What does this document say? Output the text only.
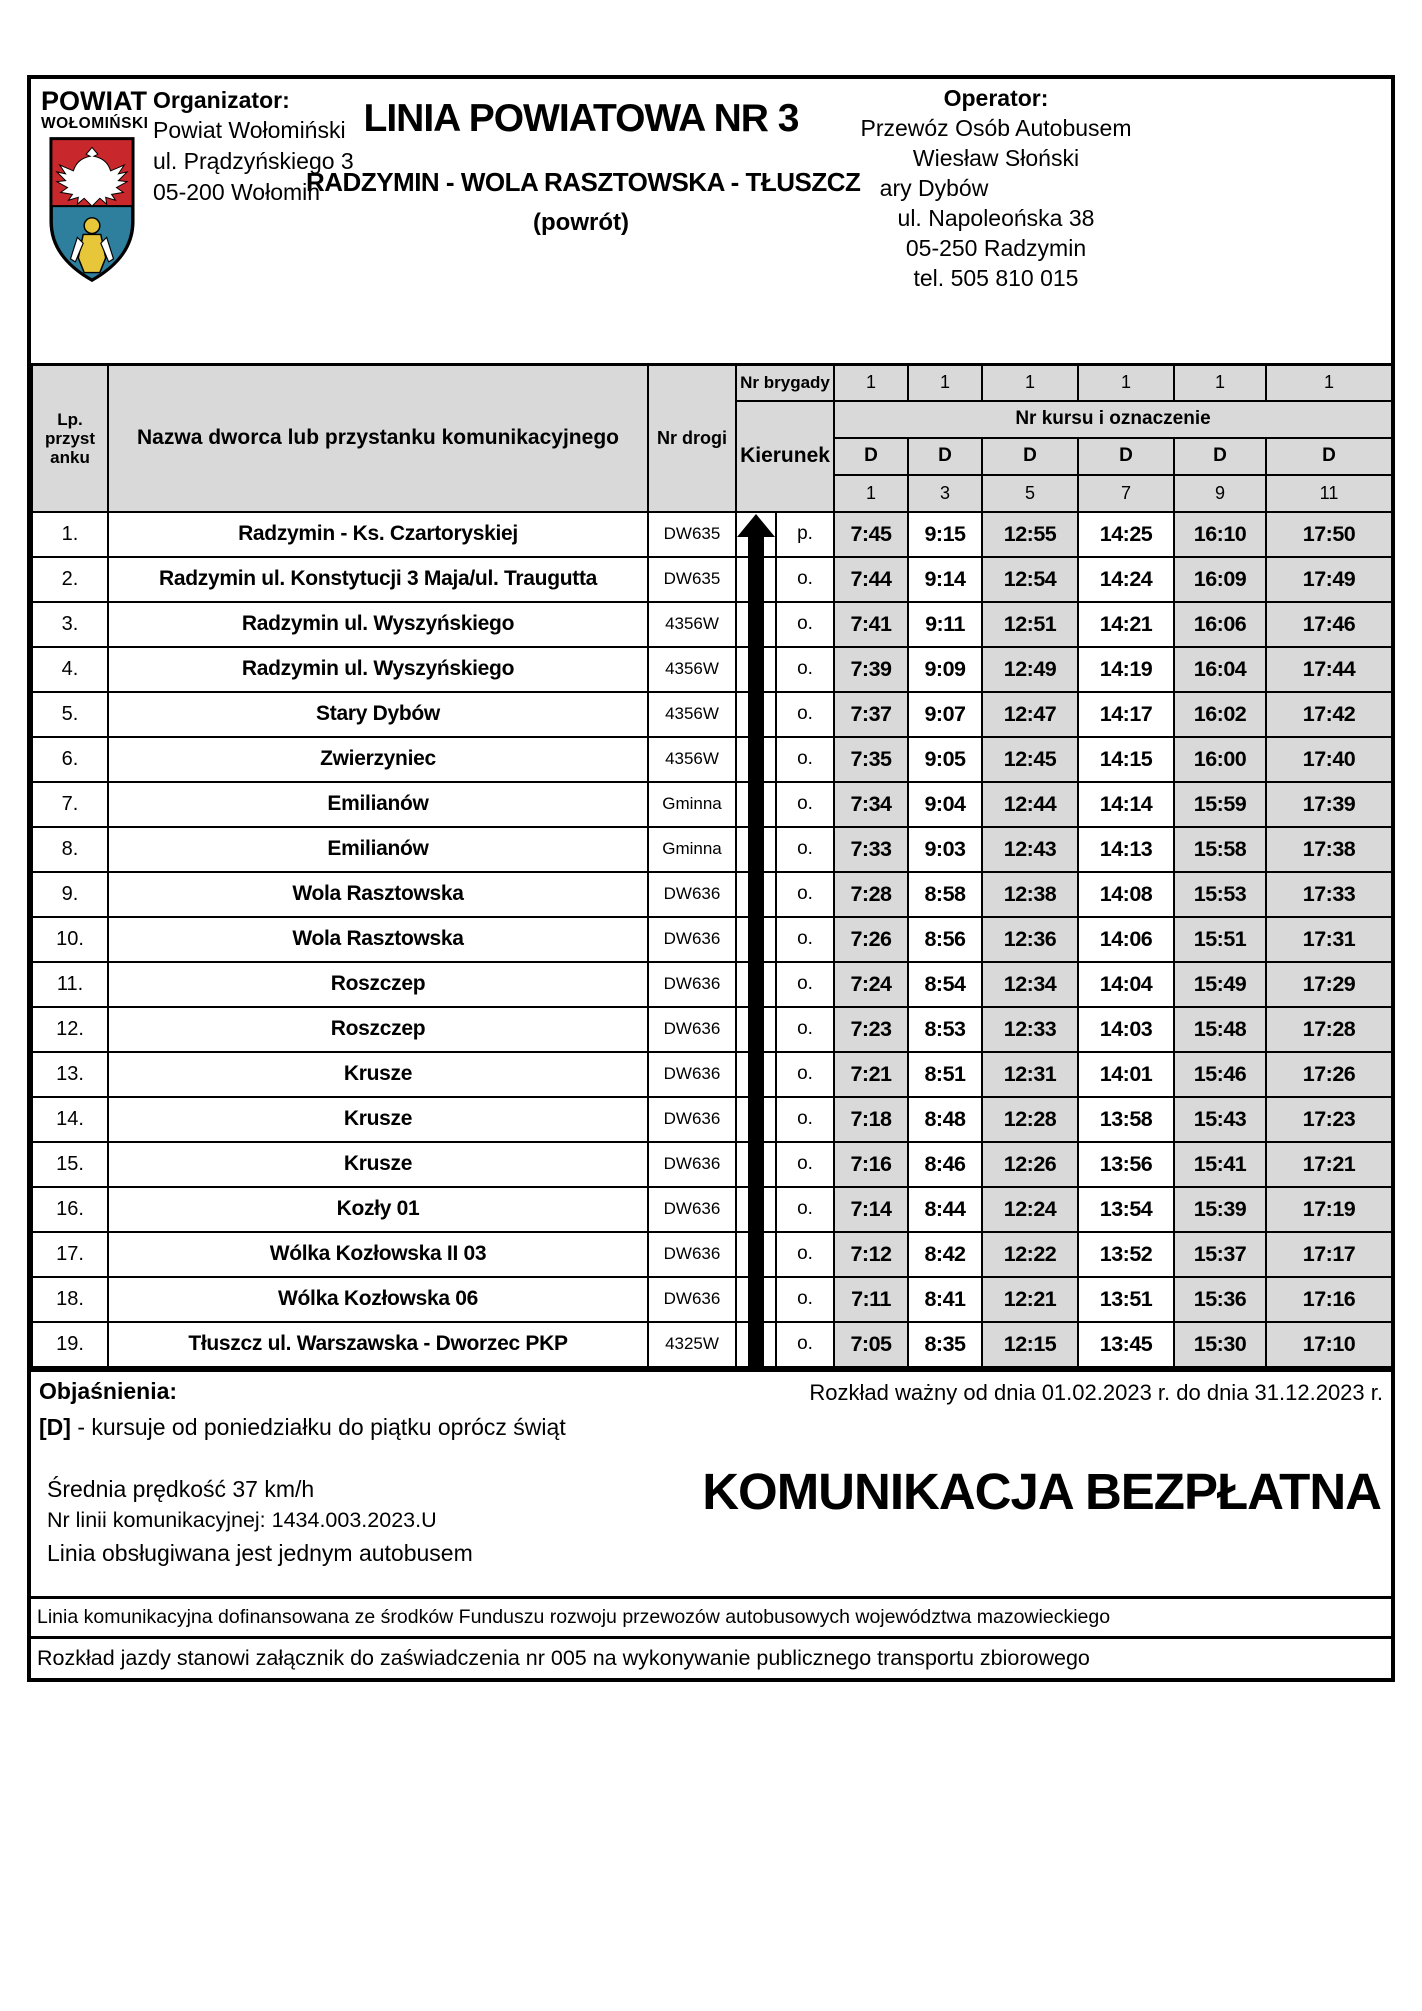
POWIAT
WOŁOMIŃSKI
Organizator:
Powiat Wołomiński
ul. Prądzyńskiego 3
05-200 Wołomin
LINIA POWIATOWA NR 3
RADZYMIN - WOLA RASZTOWSKA - TŁUSZCZ
(powrót)
Operator:
Przewóz Osób Autobusem
Wiesław Słoński
ary Dybów
ul. Napoleońska 38
05-250 Radzymin
tel. 505 810 015
Lp. przyst anku	Nazwa dworca lub przystanku komunikacyjnego	Nr drogi	Nr brygady		1	1	1	1	1	1
			Kierunek		Nr kursu i oznaczenie					
					D	D	D	D	D	D
					1	3	5	7	9	11
1.	Radzymin - Ks. Czartoryskiej	DW635		p.	7:45	9:15	12:55	14:25	16:10	17:50
2.	Radzymin ul. Konstytucji 3 Maja/ul. Traugutta	DW635		o.	7:44	9:14	12:54	14:24	16:09	17:49
3.	Radzymin ul. Wyszyńskiego	4356W		o.	7:41	9:11	12:51	14:21	16:06	17:46
4.	Radzymin ul. Wyszyńskiego	4356W		o.	7:39	9:09	12:49	14:19	16:04	17:44
5.	Stary Dybów	4356W		o.	7:37	9:07	12:47	14:17	16:02	17:42
6.	Zwierzyniec	4356W		o.	7:35	9:05	12:45	14:15	16:00	17:40
7.	Emilianów	Gminna		o.	7:34	9:04	12:44	14:14	15:59	17:39
8.	Emilianów	Gminna		o.	7:33	9:03	12:43	14:13	15:58	17:38
9.	Wola Rasztowska	DW636		o.	7:28	8:58	12:38	14:08	15:53	17:33
10.	Wola Rasztowska	DW636		o.	7:26	8:56	12:36	14:06	15:51	17:31
11.	Roszczep	DW636		o.	7:24	8:54	12:34	14:04	15:49	17:29
12.	Roszczep	DW636		o.	7:23	8:53	12:33	14:03	15:48	17:28
13.	Krusze	DW636		o.	7:21	8:51	12:31	14:01	15:46	17:26
14.	Krusze	DW636		o.	7:18	8:48	12:28	13:58	15:43	17:23
15.	Krusze	DW636		o.	7:16	8:46	12:26	13:56	15:41	17:21
16.	Kozły 01	DW636		o.	7:14	8:44	12:24	13:54	15:39	17:19
17.	Wólka Kozłowska II 03	DW636		o.	7:12	8:42	12:22	13:52	15:37	17:17
18.	Wólka Kozłowska 06	DW636		o.	7:11	8:41	12:21	13:51	15:36	17:16
19.	Tłuszcz ul. Warszawska - Dworzec PKP	4325W		o.	7:05	8:35	12:15	13:45	15:30	17:10
Objaśnienia:	Rozkład ważny od dnia 01.02.2023 r. do dnia 31.12.2023 r.
[D] - kursuje od poniedziałku do piątku oprócz świąt
Średnia prędkość 37 km/h
Nr linii komunikacyjnej: 1434.003.2023.U
Linia obsługiwana jest jednym autobusem
KOMUNIKACJA BEZPŁATNA
Linia komunikacyjna dofinansowana ze środków Funduszu rozwoju przewozów autobusowych województwa mazowieckiego
Rozkład jazdy stanowi załącznik do zaświadczenia nr 005 na wykonywanie publicznego transportu zbiorowego
